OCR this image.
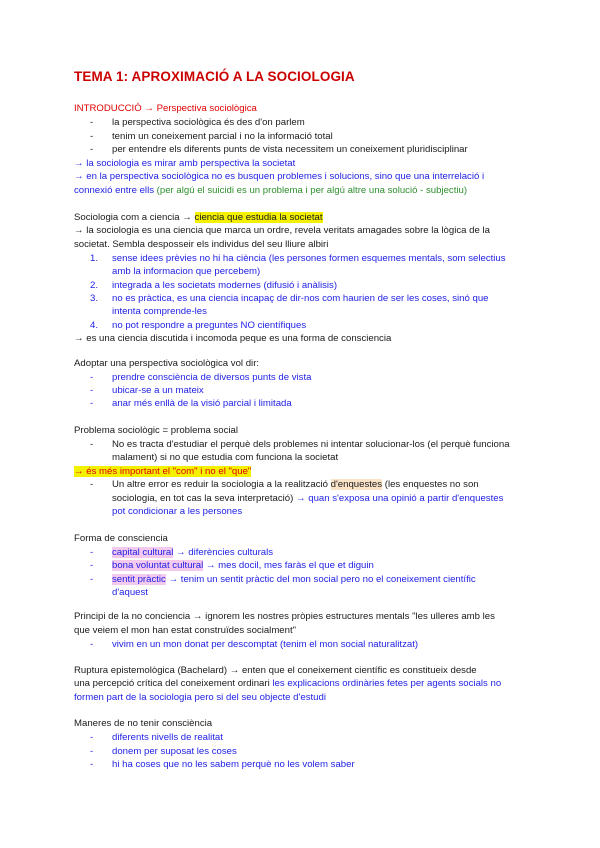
TEMA 1: APROXIMACIÓ A LA SOCIOLOGIA
INTRODUCCIÓ → Perspectiva sociològica
- la perspectiva sociològica és des d'on parlem
- tenim un coneixement parcial i no la informació total
- per entendre els diferents punts de vista necessitem un coneixement pluridisciplinar
→ la sociologia es mirar amb perspectiva la societat
→ en la perspectiva sociològica no es busquen problemes i solucions, sino que una interrelació i
connexió entre ells (per algú el suicidi es un problema i per algú altre una solució - subjectiu)
Sociologia com a ciencia → ciencia que estudia la societat
→ la sociologia es una ciencia que marca un ordre, revela veritats amagades sobre la lògica de la
societat. Sembla desposseir els individus del seu lliure albiri
1. sense idees prèvies no hi ha ciència (les persones formen esquemes mentals, som selectius
amb la informacion que percebem)
2. integrada a les societats modernes (difusió i anàlisis)
3. no es pràctica, es una ciencia incapaç de dir-nos com haurien de ser les coses, sinó que
intenta comprende-les
4. no pot respondre a preguntes NO científiques
→ es una ciencia discutida i incomoda peque es una forma de consciencia
Adoptar una perspectiva sociològica vol dir:
- prendre consciència de diversos punts de vista
- ubicar-se a un mateix
- anar més enllà de la visió parcial i limitada
Problema sociològic = problema social
- No es tracta d'estudiar el perquè dels problemes ni intentar solucionar-los (el perquè funciona
malament) si no que estudia com funciona la societat
→ és més important el "com" i no el "que"
- Un altre error es reduir la sociologia a la realització d'enquestes (les enquestes no son
sociologia, en tot cas la seva interpretació) → quan s'exposa una opinió a partir d'enquestes
pot condicionar a les persones
Forma de consciencia
- capital cultural → diferències culturals
- bona voluntat cultural → mes docil, mes faràs el que et diguin
- sentit pràctic → tenim un sentit pràctic del mon social pero no el coneixement científic
d'aquest
Principi de la no conciencia → ignorem les nostres pròpies estructures mentals "les ulleres amb les
que veiem el mon han estat construïdes socialment"
- vivim en un mon donat per descomptat (tenim el mon social naturalitzat)
Ruptura epistemològica (Bachelard) → enten que el coneixement científic es constitueix desde
una percepció crítica del coneixement ordinari les explicacions ordinàries fetes per agents socials no
formen part de la sociologia pero si del seu objecte d'estudi
Maneres de no tenir consciència
- diferents nivells de realitat
- donem per suposat les coses
- hi ha coses que no les sabem perquè no les volem saber
